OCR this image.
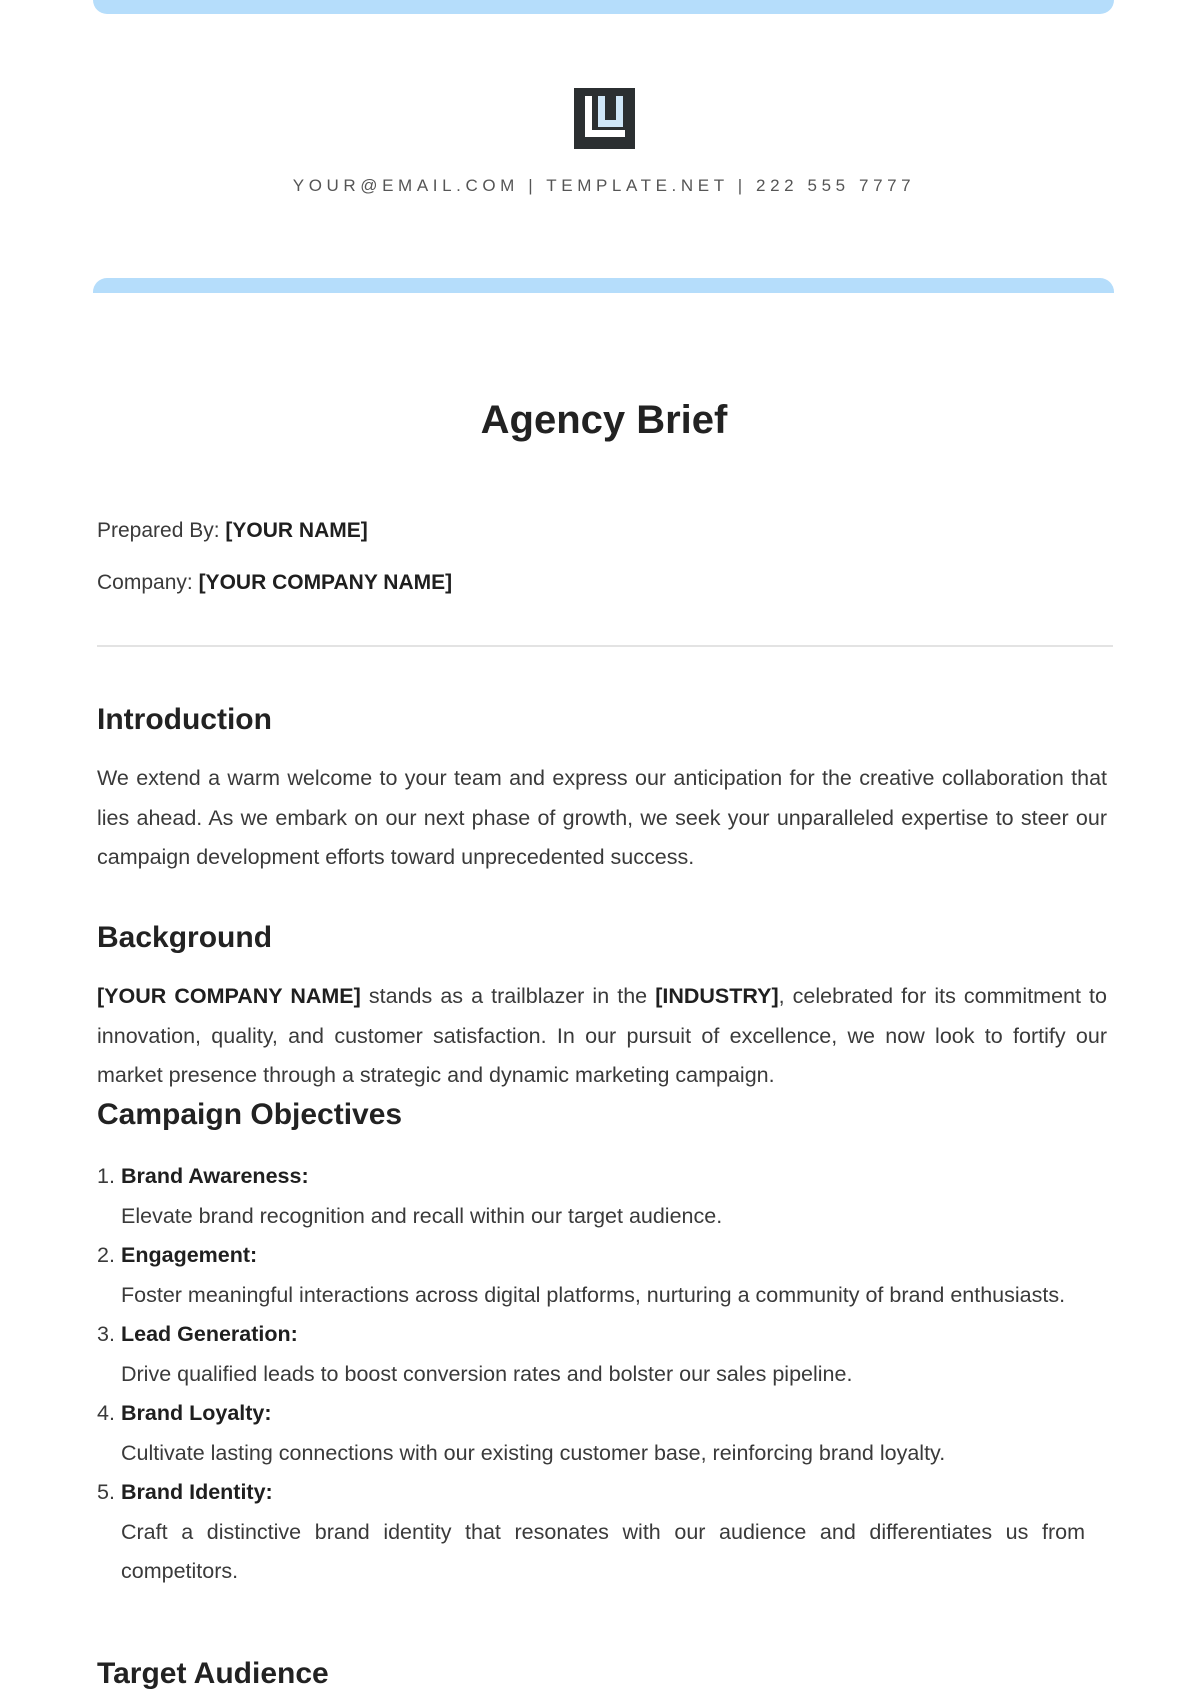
YOUR@EMAIL.COM | TEMPLATE.NET | 222 555 7777
Agency Brief

Prepared By: [YOUR NAME]

Company: [YOUR COMPANY NAME]

Introduction

We extend a warm welcome to your team and express our anticipation for the creative collaboration that lies ahead. As we embark on our next phase of growth, we seek your unparalleled expertise to steer our campaign development efforts toward unprecedented success.

Background

[YOUR COMPANY NAME] stands as a trailblazer in the [INDUSTRY], celebrated for its commitment to innovation, quality, and customer satisfaction. In our pursuit of excellence, we now look to fortify our market presence through a strategic and dynamic marketing campaign.

Campaign Objectives
1. Brand Awareness:
Elevate brand recognition and recall within our target audience.
2. Engagement:
Foster meaningful interactions across digital platforms, nurturing a community of brand enthusiasts.
3. Lead Generation:
Drive qualified leads to boost conversion rates and bolster our sales pipeline.
4. Brand Loyalty:
Cultivate lasting connections with our existing customer base, reinforcing brand loyalty.
5. Brand Identity:
Craft a distinctive brand identity that resonates with our audience and differentiates us from competitors.
Target Audience
